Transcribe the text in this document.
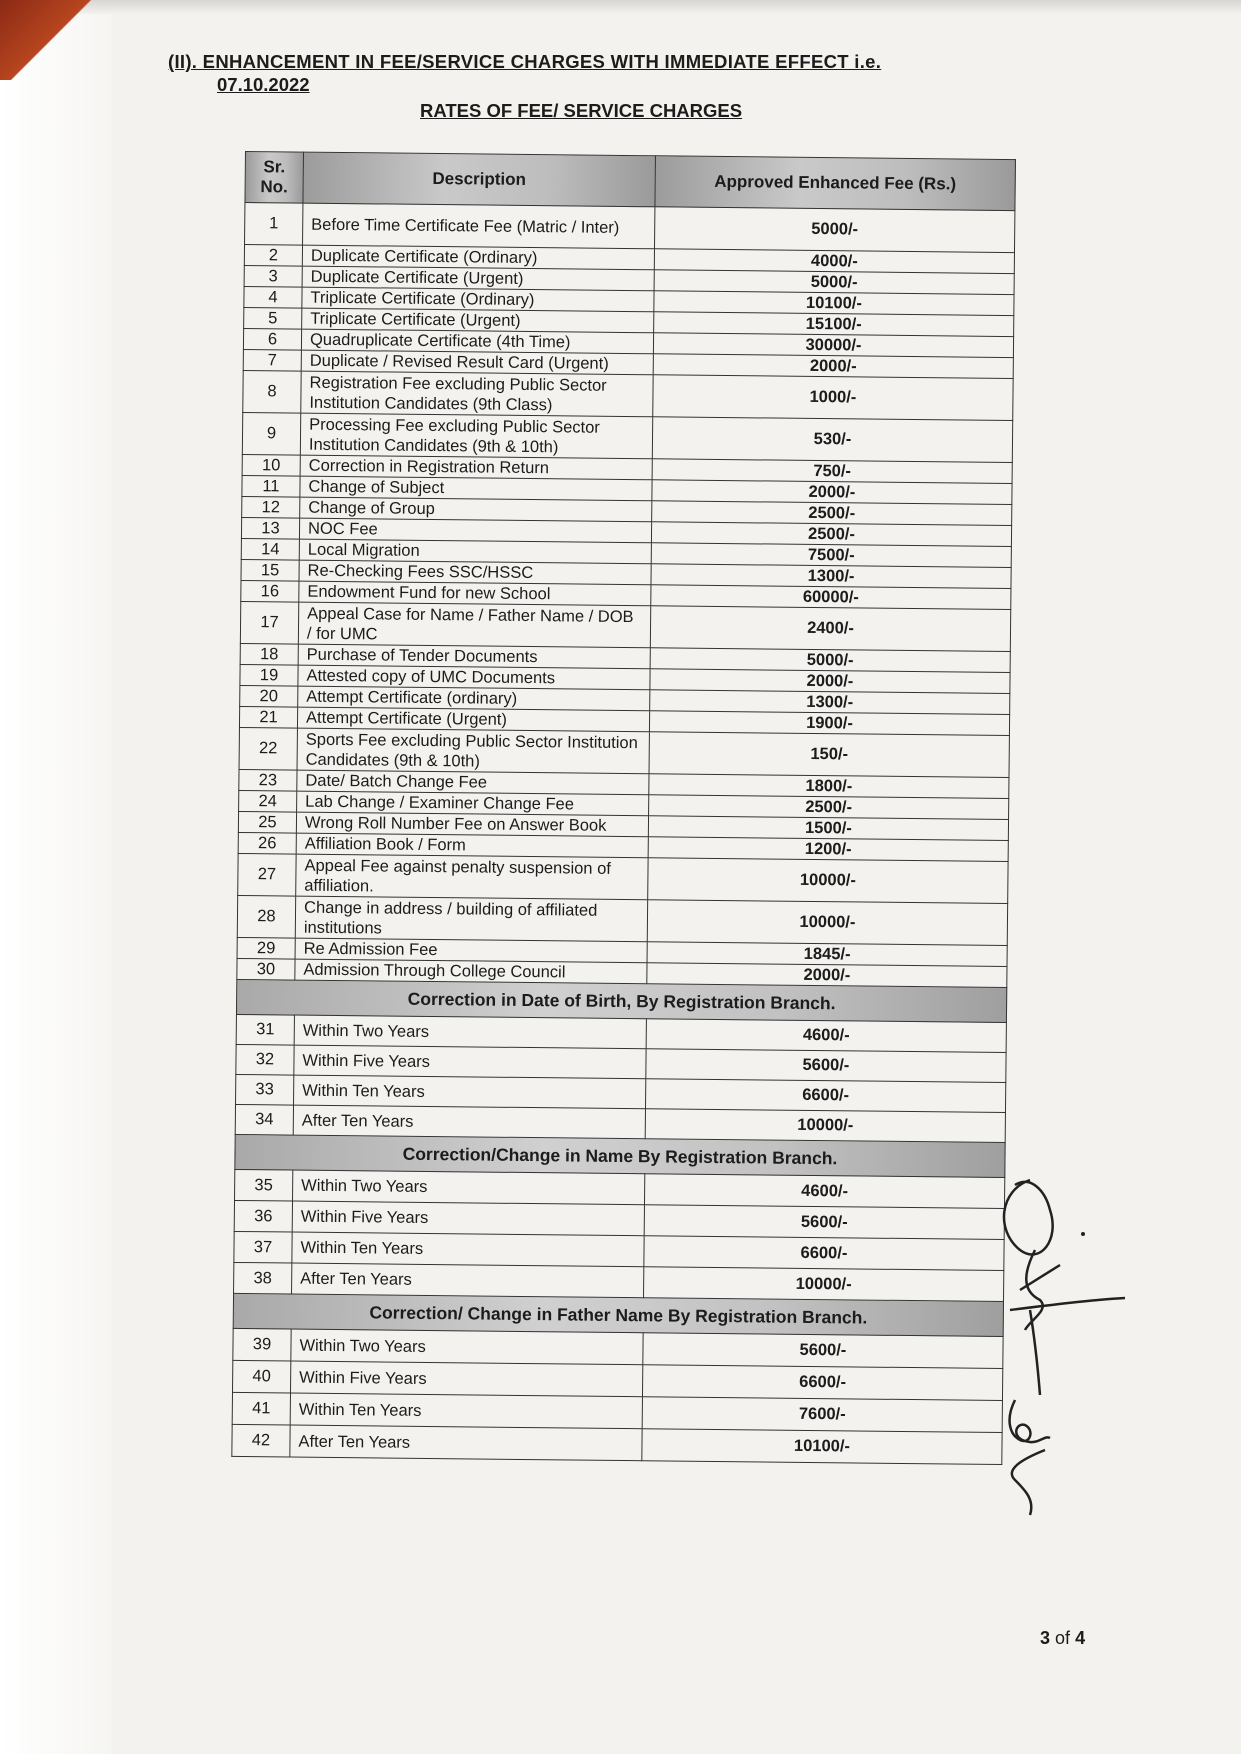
(II). ENHANCEMENT IN FEE/SERVICE CHARGES WITH IMMEDIATE EFFECT i.e.
07.10.2022
RATES OF FEE/ SERVICE CHARGES
Sr. No.	Description	Approved Enhanced Fee (Rs.)
1	Before Time Certificate Fee (Matric / Inter)	5000/-
2	Duplicate Certificate (Ordinary)	4000/-
3	Duplicate Certificate (Urgent)	5000/-
4	Triplicate Certificate (Ordinary)	10100/-
5	Triplicate Certificate (Urgent)	15100/-
6	Quadruplicate Certificate (4th Time)	30000/-
7	Duplicate / Revised Result Card (Urgent)	2000/-
8	Registration Fee excluding Public Sector Institution Candidates (9th Class)	1000/-
9	Processing Fee excluding Public Sector Institution Candidates (9th & 10th)	530/-
10	Correction in Registration Return	750/-
11	Change of Subject	2000/-
12	Change of Group	2500/-
13	NOC Fee	2500/-
14	Local Migration	7500/-
15	Re-Checking Fees SSC/HSSC	1300/-
16	Endowment Fund for new School	60000/-
17	Appeal Case for Name / Father Name / DOB / for UMC	2400/-
18	Purchase of Tender Documents	5000/-
19	Attested copy of UMC Documents	2000/-
20	Attempt Certificate (ordinary)	1300/-
21	Attempt Certificate (Urgent)	1900/-
22	Sports Fee excluding Public Sector Institution Candidates (9th & 10th)	150/-
23	Date/ Batch Change Fee	1800/-
24	Lab Change / Examiner Change Fee	2500/-
25	Wrong Roll Number Fee on Answer Book	1500/-
26	Affiliation Book / Form	1200/-
27	Appeal Fee against penalty suspension of affiliation.	10000/-
28	Change in address / building of affiliated institutions	10000/-
29	Re Admission Fee	1845/-
30	Admission Through College Council	2000/-
Correction in Date of Birth, By Registration Branch.		
31	Within Two Years	4600/-
32	Within Five Years	5600/-
33	Within Ten Years	6600/-
34	After Ten Years	10000/-
Correction/Change in Name By Registration Branch.		
35	Within Two Years	4600/-
36	Within Five Years	5600/-
37	Within Ten Years	6600/-
38	After Ten Years	10000/-
Correction/ Change in Father Name By Registration Branch.		
39	Within Two Years	5600/-
40	Within Five Years	6600/-
41	Within Ten Years	7600/-
42	After Ten Years	10100/-
3 of 4
